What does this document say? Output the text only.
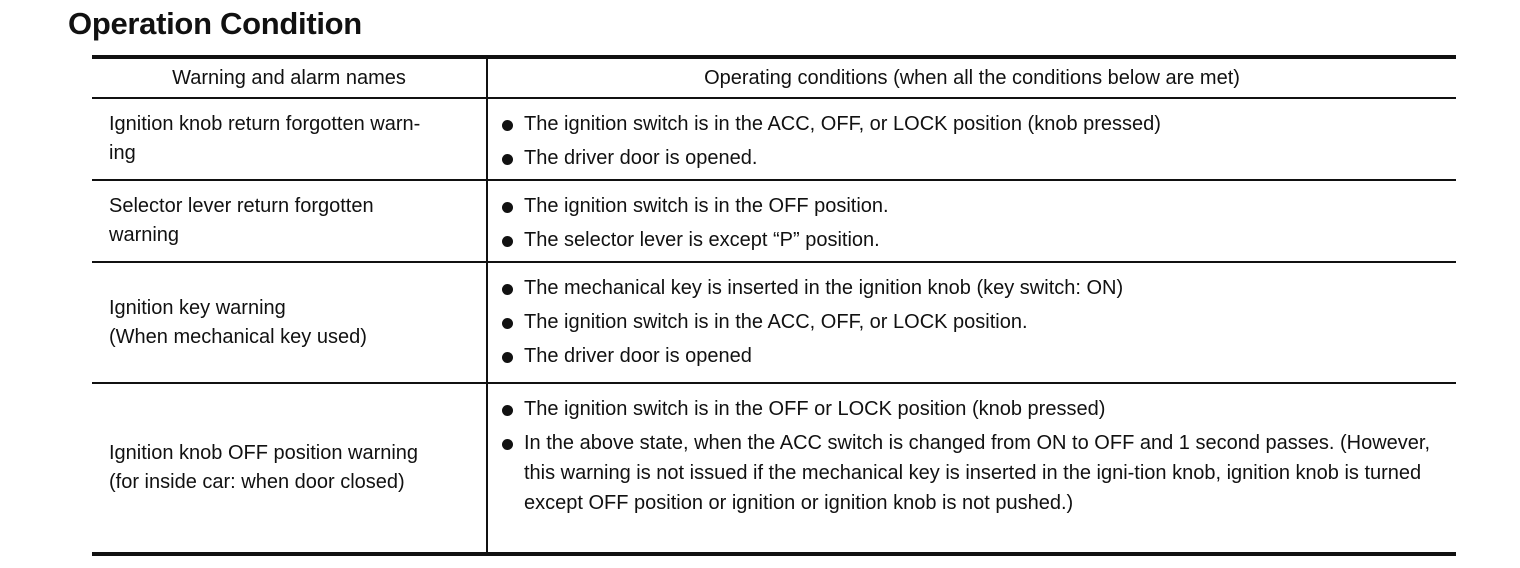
Operation Condition
Warning and alarm names	Operating conditions (when all the conditions below are met)
Ignition knob return forgotten warn-
ing
The ignition switch is in the ACC, OFF, or LOCK position (knob pressed)
The driver door is opened.
Selector lever return forgotten
warning
The ignition switch is in the OFF position.
The selector lever is except “P” position.
Ignition key warning
(When mechanical key used)
The mechanical key is inserted in the ignition knob (key switch: ON)
The ignition switch is in the ACC, OFF, or LOCK position.
The driver door is opened
Ignition knob OFF position warning
(for inside car: when door closed)
The ignition switch is in the OFF or LOCK position (knob pressed)
In the above state, when the ACC switch is changed from ON to OFF and 1 second passes. (However, this warning is not issued if the mechanical key is inserted in the igni-tion knob, ignition knob is turned except OFF position or ignition or ignition knob is not pushed.)
